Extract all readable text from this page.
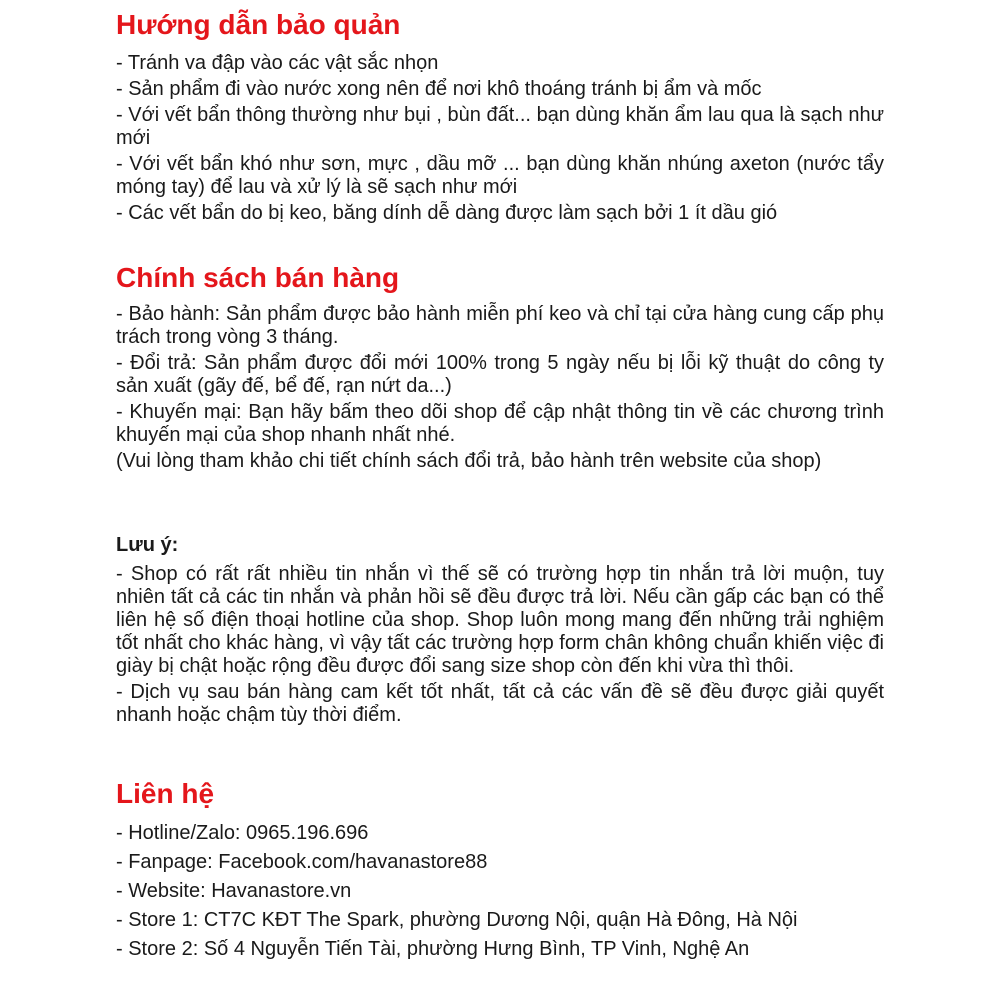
Hướng dẫn bảo quản

- Tránh va đập vào các vật sắc nhọn

- Sản phẩm đi vào nước xong nên để nơi khô thoáng tránh bị ẩm và mốc

- Với vết bẩn thông thường như bụi , bùn đất... bạn dùng khăn ẩm lau qua là sạch như mới

- Với vết bẩn khó như sơn, mực , dầu mỡ ... bạn dùng khăn nhúng axeton (nước tẩy móng tay) để lau và xử lý là sẽ sạch như mới

- Các vết bẩn do bị keo, băng dính dễ dàng được làm sạch bởi 1 ít dầu gió

Chính sách bán hàng

- Bảo hành: Sản phẩm được bảo hành miễn phí keo và chỉ tại cửa hàng cung cấp phụ trách trong vòng 3 tháng.

- Đổi trả: Sản phẩm được đổi mới 100% trong 5 ngày nếu bị lỗi kỹ thuật do công ty sản xuất (gãy đế, bể đế, rạn nứt da...)

- Khuyến mại: Bạn hãy bấm theo dõi shop để cập nhật thông tin về các chương trình khuyến mại của shop nhanh nhất nhé.

(Vui lòng tham khảo chi tiết chính sách đổi trả, bảo hành trên website của shop)

Lưu ý:

- Shop có rất rất nhiều tin nhắn vì thế sẽ có trường hợp tin nhắn trả lời muộn, tuy nhiên tất cả các tin nhắn và phản hồi sẽ đều được trả lời. Nếu cần gấp các bạn có thể liên hệ số điện thoại hotline của shop. Shop luôn mong mang đến những trải nghiệm tốt nhất cho khác hàng, vì vậy tất các trường hợp form chân không chuẩn khiến việc đi giày bị chật hoặc rộng đều được đổi sang size shop còn đến khi vừa thì thôi.

- Dịch vụ sau bán hàng cam kết tốt nhất, tất cả các vấn đề sẽ đều được giải quyết nhanh hoặc chậm tùy thời điểm.

Liên hệ

- Hotline/Zalo: 0965.196.696

- Fanpage: Facebook.com/havanastore88

- Website: Havanastore.vn

- Store 1: CT7C KĐT The Spark, phường Dương Nội, quận Hà Đông, Hà Nội

- Store 2: Số 4 Nguyễn Tiến Tài, phường Hưng Bình, TP Vinh, Nghệ An
